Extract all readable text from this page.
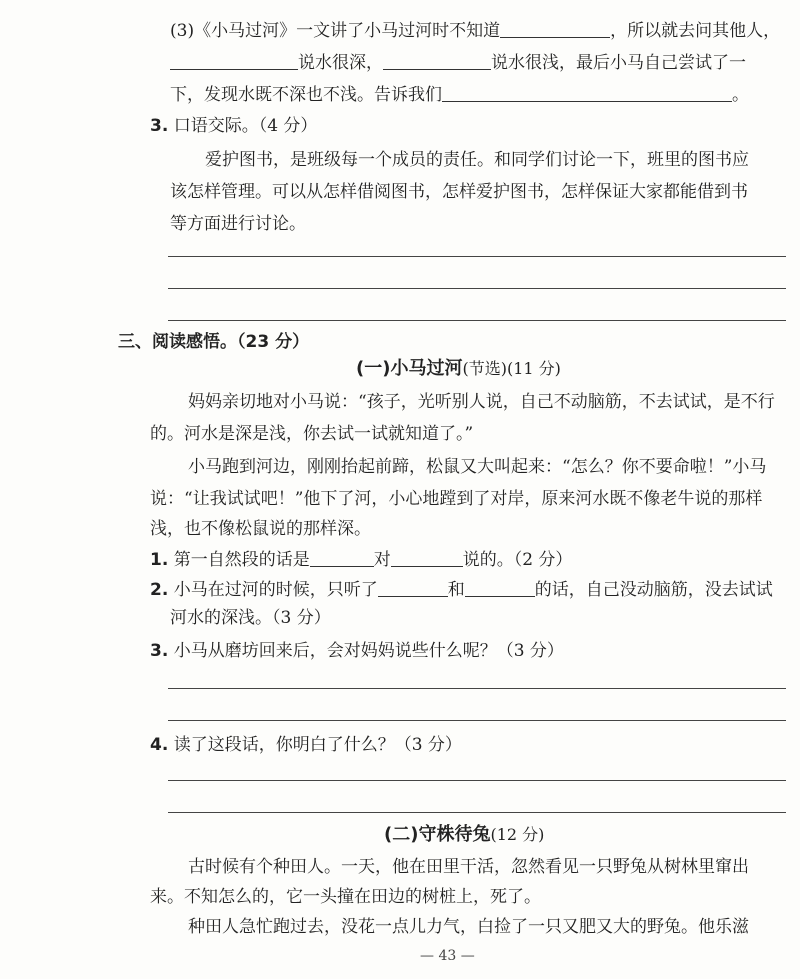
(3)《小马过河》一文讲了小马过河时不知道	，所以就去问其他人，
说水很深，	说水很浅，最后小马自己尝试了一
下，发现水既不深也不浅。告诉我们	。
3. 口语交际。（4 分）
爱护图书，是班级每一个成员的责任。和同学们讨论一下，班里的图书应
该怎样管理。可以从怎样借阅图书，怎样爱护图书，怎样保证大家都能借到书
等方面进行讨论。
三、阅读感悟。（23 分）
(一)小马过河(节选)(11 分)
妈妈亲切地对小马说：“孩子，光听别人说，自己不动脑筋，不去试试，是不行
的。河水是深是浅，你去试一试就知道了。”
小马跑到河边，刚刚抬起前蹄，松鼠又大叫起来：“怎么？你不要命啦！”小马
说：“让我试试吧！”他下了河，小心地蹚到了对岸，原来河水既不像老牛说的那样
浅，也不像松鼠说的那样深。
1. 第一自然段的话是	对	说的。（2 分）
2. 小马在过河的时候，只听了	和	的话，自己没动脑筋，没去试试
河水的深浅。（3 分）
3. 小马从磨坊回来后，会对妈妈说些什么呢？（3 分）
4. 读了这段话，你明白了什么？（3 分）
(二)守株待兔(12 分)
古时候有个种田人。一天，他在田里干活，忽然看见一只野兔从树林里窜出
来。不知怎么的，它一头撞在田边的树桩上，死了。
种田人急忙跑过去，没花一点儿力气，白捡了一只又肥又大的野兔。他乐滋
— 43 —
